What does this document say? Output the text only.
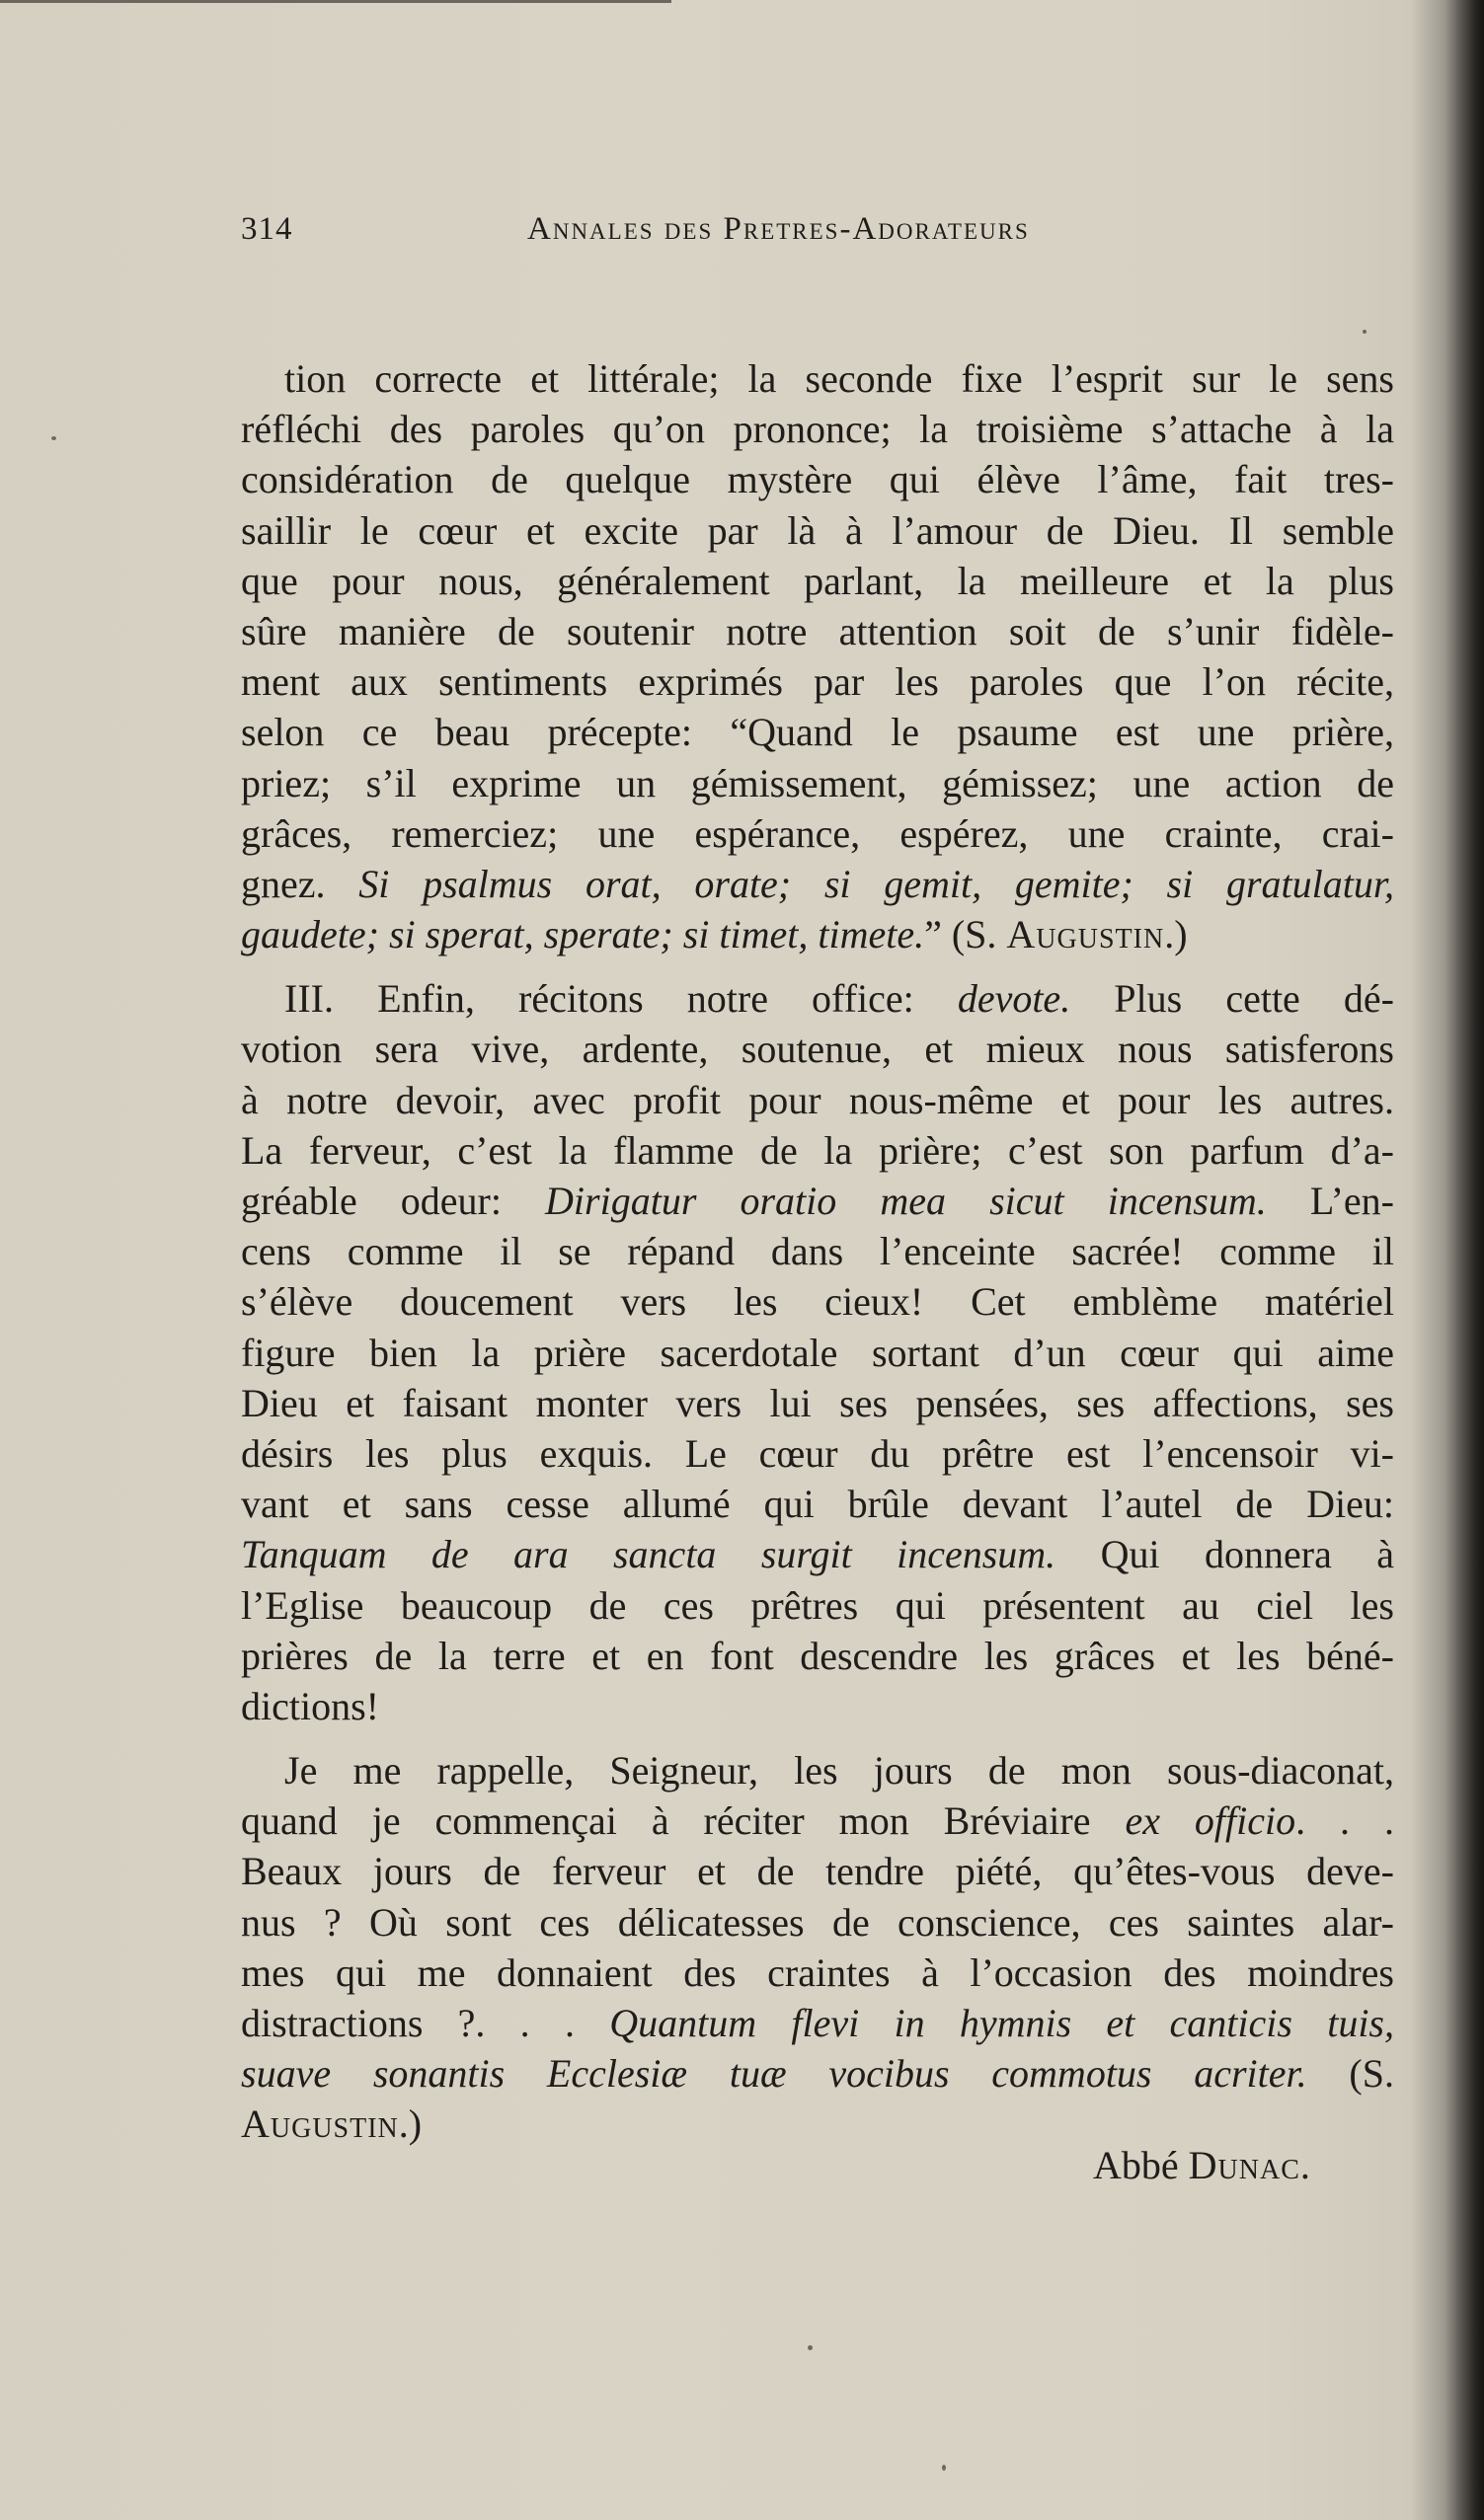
314	Annales des Pretres-Adorateurs
tion correcte et littérale; la seconde fixe l’esprit sur le sens
réfléchi des paroles qu’on prononce; la troisième s’attache à la
considération de quelque mystère qui élève l’âme, fait tres-
saillir le cœur et excite par là à l’amour de Dieu. Il semble
que pour nous, généralement parlant, la meilleure et la plus
sûre manière de soutenir notre attention soit de s’unir fidèle-
ment aux sentiments exprimés par les paroles que l’on récite,
selon ce beau précepte: “Quand le psaume est une prière,
priez; s’il exprime un gémissement, gémissez; une action de
grâces, remerciez; une espérance, espérez, une crainte, crai-
gnez. Si psalmus orat, orate; si gemit, gemite; si gratulatur,
gaudete; si sperat, sperate; si timet, timete.” (S. Augustin.)
III. Enfin, récitons notre office: devote. Plus cette dé-
votion sera vive, ardente, soutenue, et mieux nous satisferons
à notre devoir, avec profit pour nous-même et pour les autres.
La ferveur, c’est la flamme de la prière; c’est son parfum d’a-
gréable odeur: Dirigatur oratio mea sicut incensum. L’en-
cens comme il se répand dans l’enceinte sacrée! comme il
s’élève doucement vers les cieux! Cet emblème matériel
figure bien la prière sacerdotale sortant d’un cœur qui aime
Dieu et faisant monter vers lui ses pensées, ses affections, ses
désirs les plus exquis. Le cœur du prêtre est l’encensoir vi-
vant et sans cesse allumé qui brûle devant l’autel de Dieu:
Tanquam de ara sancta surgit incensum. Qui donnera à
l’Eglise beaucoup de ces prêtres qui présentent au ciel les
prières de la terre et en font descendre les grâces et les béné-
dictions!
Je me rappelle, Seigneur, les jours de mon sous-diaconat,
quand je commençai à réciter mon Bréviaire ex officio. . .
Beaux jours de ferveur et de tendre piété, qu’êtes-vous deve-
nus ? Où sont ces délicatesses de conscience, ces saintes alar-
mes qui me donnaient des craintes à l’occasion des moindres
distractions ?. . . Quantum flevi in hymnis et canticis tuis,
suave sonantis Ecclesiæ tuæ vocibus commotus acriter. (S.
Augustin.)
Abbé Dunac.
